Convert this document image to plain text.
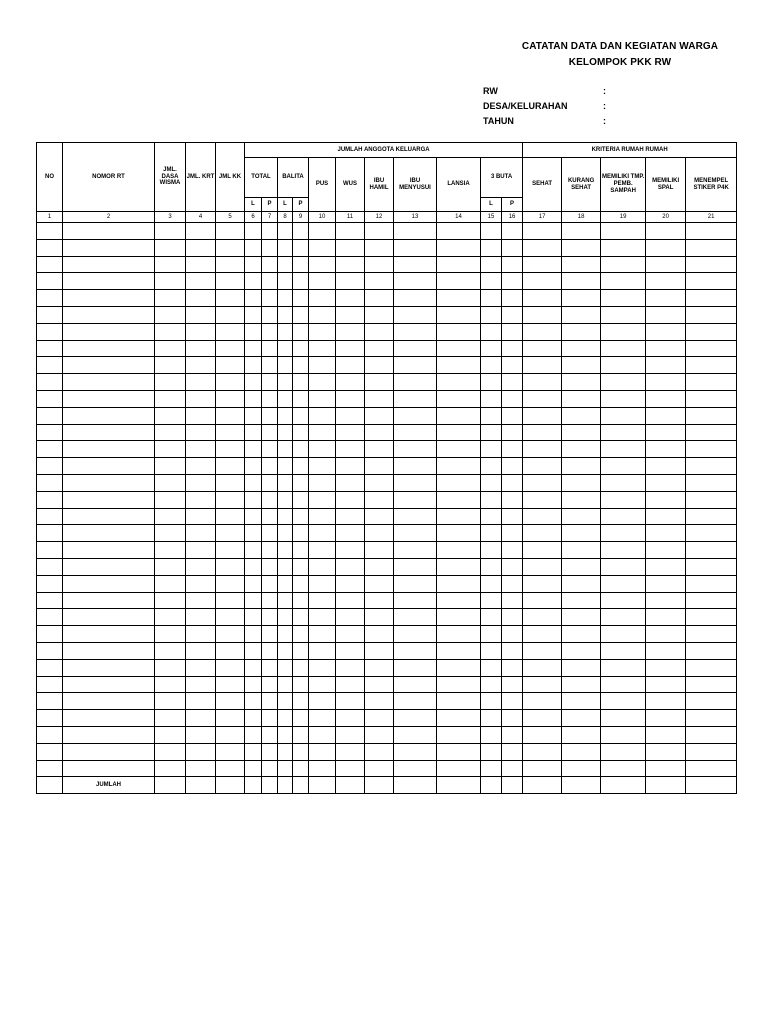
CATATAN DATA DAN KEGIATAN WARGA
KELOMPOK PKK RW
RW	:
DESA/KELURAHAN	:
TAHUN	:
NO	NOMOR RT	JML. DASA WISMA	JML. KRT	JML KK	JUMLAH ANGGOTA KELUARGA											KRITERIA RUMAH RUMAH				
					TOTAL		BALITA		PUS	WUS	IBU HAMIL	IBU MENYUSUI	LANSIA	3 BUTA		SEHAT	KURANG SEHAT	MEMILIKI TMP. PEMB. SAMPAH	MEMILIKI SPAL	MENEMPEL STIKER P4K
					L	P	L	P						L	P					
1	2	3	4	5	6	7	8	9	10	11	12	13	14	15	16	17	18	19	20	21

	JUMLAH																			
